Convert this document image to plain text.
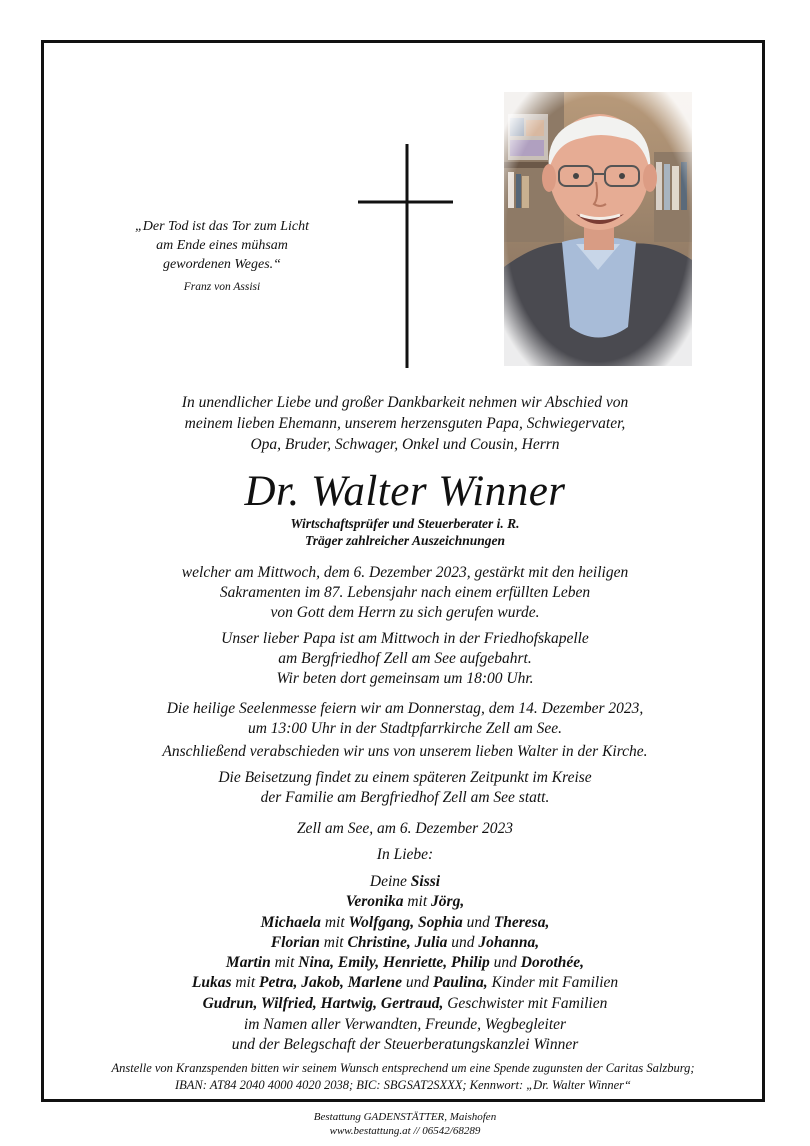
„Der Tod ist das Tor zum Licht
am Ende eines mühsam
gewordenen Weges.“
Franz von Assisi
In unendlicher Liebe und großer Dankbarkeit nehmen wir Abschied von
meinem lieben Ehemann, unserem herzensguten Papa, Schwiegervater,
Opa, Bruder, Schwager, Onkel und Cousin, Herrn
Dr. Walter Winner
Wirtschaftsprüfer und Steuerberater i. R.
Träger zahlreicher Auszeichnungen
welcher am Mittwoch, dem 6. Dezember 2023, gestärkt mit den heiligen
Sakramenten im 87. Lebensjahr nach einem erfüllten Leben
von Gott dem Herrn zu sich gerufen wurde.
Unser lieber Papa ist am Mittwoch in der Friedhofskapelle
am Bergfriedhof Zell am See aufgebahrt.
Wir beten dort gemeinsam um 18:00 Uhr.
Die heilige Seelenmesse feiern wir am Donnerstag, dem 14. Dezember 2023,
um 13:00 Uhr in der Stadtpfarrkirche Zell am See.
Anschließend verabschieden wir uns von unserem lieben Walter in der Kirche.
Die Beisetzung findet zu einem späteren Zeitpunkt im Kreise
der Familie am Bergfriedhof Zell am See statt.
Zell am See, am 6. Dezember 2023
In Liebe:
Deine Sissi
Veronika mit Jörg,
Michaela mit Wolfgang, Sophia und Theresa,
Florian mit Christine, Julia und Johanna,
Martin mit Nina, Emily, Henriette, Philip und Dorothée,
Lukas mit Petra, Jakob, Marlene und Paulina, Kinder mit Familien
Gudrun, Wilfried, Hartwig, Gertraud, Geschwister mit Familien
im Namen aller Verwandten, Freunde, Wegbegleiter
und der Belegschaft der Steuerberatungskanzlei Winner
Anstelle von Kranzspenden bitten wir seinem Wunsch entsprechend um eine Spende zugunsten der Caritas Salzburg;
IBAN: AT84 2040 4000 4020 2038; BIC: SBGSAT2SXXX; Kennwort: „Dr. Walter Winner“
Bestattung GADENSTÄTTER, Maishofen
www.bestattung.at // 06542/68289
